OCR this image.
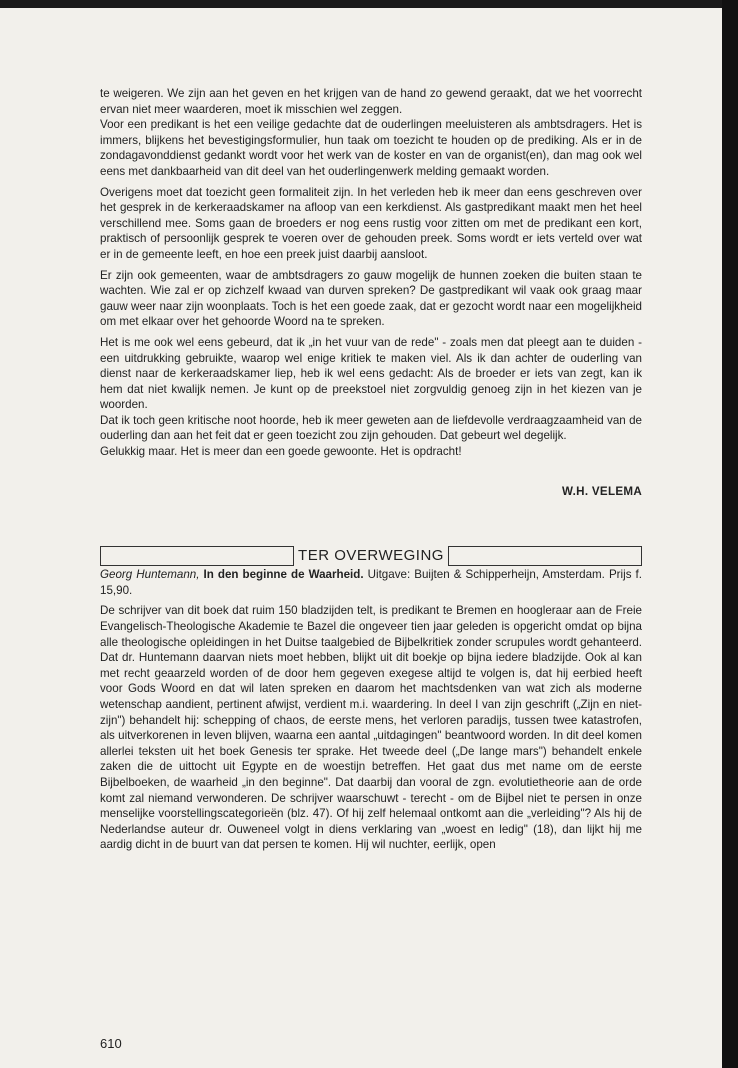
te weigeren. We zijn aan het geven en het krijgen van de hand zo gewend geraakt, dat we het voorrecht ervan niet meer waarderen, moet ik misschien wel zeggen.

Voor een predikant is het een veilige gedachte dat de ouderlingen meeluisteren als ambtsdragers. Het is immers, blijkens het bevestigingsformulier, hun taak om toezicht te houden op de prediking. Als er in de zondagavonddienst gedankt wordt voor het werk van de koster en van de organist(en), dan mag ook wel eens met dankbaarheid van dit deel van het ouderlingenwerk melding gemaakt worden.

Overigens moet dat toezicht geen formaliteit zijn. In het verleden heb ik meer dan eens geschreven over het gesprek in de kerkeraadskamer na afloop van een kerkdienst. Als gastpredikant maakt men het heel verschillend mee. Soms gaan de broeders er nog eens rustig voor zitten om met de predikant een kort, praktisch of persoonlijk gesprek te voeren over de gehouden preek. Soms wordt er iets verteld over wat er in de gemeente leeft, en hoe een preek juist daarbij aansloot.

Er zijn ook gemeenten, waar de ambtsdragers zo gauw mogelijk de hunnen zoeken die buiten staan te wachten. Wie zal er op zichzelf kwaad van durven spreken? De gastpredikant wil vaak ook graag maar gauw weer naar zijn woonplaats. Toch is het een goede zaak, dat er gezocht wordt naar een mogelijkheid om met elkaar over het gehoorde Woord na te spreken.

Het is me ook wel eens gebeurd, dat ik „in het vuur van de rede" - zoals men dat pleegt aan te duiden - een uitdrukking gebruikte, waarop wel enige kritiek te maken viel. Als ik dan achter de ouderling van dienst naar de kerkeraadskamer liep, heb ik wel eens gedacht: Als de broeder er iets van zegt, kan ik hem dat niet kwalijk nemen. Je kunt op de preekstoel niet zorgvuldig genoeg zijn in het kiezen van je woorden.

Dat ik toch geen kritische noot hoorde, heb ik meer geweten aan de liefdevolle verdraagzaamheid van de ouderling dan aan het feit dat er geen toezicht zou zijn gehouden. Dat gebeurt wel degelijk.

Gelukkig maar. Het is meer dan een goede gewoonte. Het is opdracht!

W.H. VELEMA
TER OVERWEGING

Georg Huntemann, In den beginne de Waarheid. Uitgave: Buijten & Schipperheijn, Amsterdam. Prijs f. 15,90.

De schrijver van dit boek dat ruim 150 bladzijden telt, is predikant te Bremen en hoogleraar aan de Freie Evangelisch-Theologische Akademie te Bazel die ongeveer tien jaar geleden is opgericht omdat op bijna alle theologische opleidingen in het Duitse taalgebied de Bijbelkritiek zonder scrupules wordt gehanteerd. Dat dr. Huntemann daarvan niets moet hebben, blijkt uit dit boekje op bijna iedere bladzijde. Ook al kan met recht geaarzeld worden of de door hem gegeven exegese altijd te volgen is, dat hij eerbied heeft voor Gods Woord en dat wil laten spreken en daarom het machtsdenken van wat zich als moderne wetenschap aandient, pertinent afwijst, verdient m.i. waardering. In deel I van zijn geschrift („Zijn en niet-zijn") behandelt hij: schepping of chaos, de eerste mens, het verloren paradijs, tussen twee katastrofen, als uitverkorenen in leven blijven, waarna een aantal „uitdagingen" beantwoord worden. In dit deel komen allerlei teksten uit het boek Genesis ter sprake. Het tweede deel („De lange mars") behandelt enkele zaken die de uittocht uit Egypte en de woestijn betreffen. Het gaat dus met name om de eerste Bijbelboeken, de waarheid „in den beginne". Dat daarbij dan vooral de zgn. evolutietheorie aan de orde komt zal niemand verwonderen. De schrijver waarschuwt - terecht - om de Bijbel niet te persen in onze menselijke voorstellingscategorieën (blz. 47). Of hij zelf helemaal ontkomt aan die „verleiding"? Als hij de Nederlandse auteur dr. Ouweneel volgt in diens verklaring van „woest en ledig" (18), dan lijkt hij me aardig dicht in de buurt van dat persen te komen. Hij wil nuchter, eerlijk, open

610
